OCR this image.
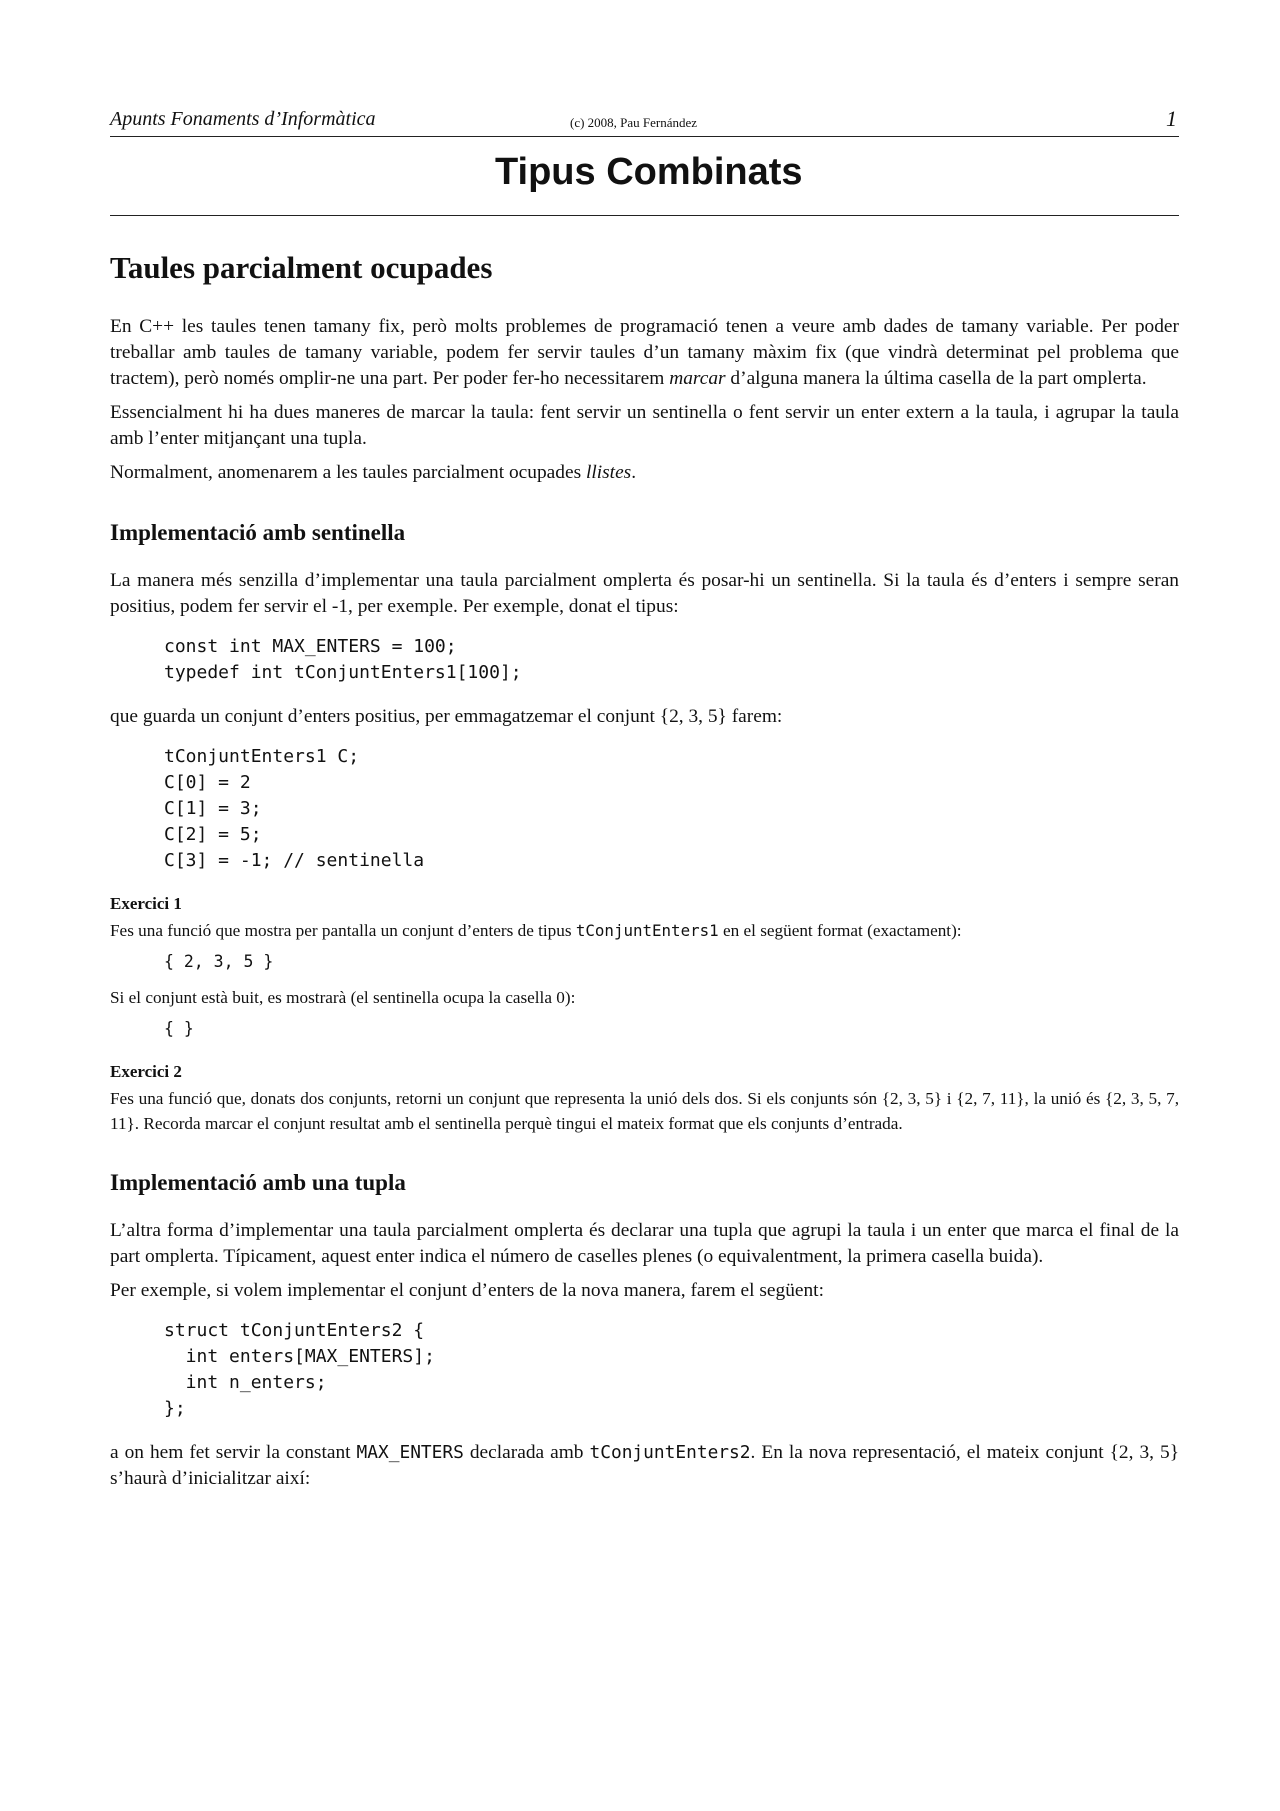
Apunts Fonaments d’Informàtica	(c) 2008, Pau Fernández	1
Tipus Combinats
Taules parcialment ocupades

En C++ les taules tenen tamany fix, però molts problemes de programació tenen a veure amb dades de tamany variable. Per poder treballar amb taules de tamany variable, podem fer servir taules d’un tamany màxim fix (que vindrà determinat pel problema que tractem), però només omplir-ne una part. Per poder fer-ho necessitarem marcar d’alguna manera la última casella de la part omplerta.

Essencialment hi ha dues maneres de marcar la taula: fent servir un sentinella o fent servir un enter extern a la taula, i agrupar la taula amb l’enter mitjançant una tupla.

Normalment, anomenarem a les taules parcialment ocupades llistes.

Implementació amb sentinella

La manera més senzilla d’implementar una taula parcialment omplerta és posar-hi un sentinella. Si la taula és d’enters i sempre seran positius, podem fer servir el -1, per exemple. Per exemple, donat el tipus:

const int MAX_ENTERS = 100;
typedef int tConjuntEnters1[100];

que guarda un conjunt d’enters positius, per emmagatzemar el conjunt {2, 3, 5} farem:

tConjuntEnters1 C;
C[0] = 2
C[1] = 3;
C[2] = 5;
C[3] = -1; // sentinella
Exercici 1

Fes una funció que mostra per pantalla un conjunt d’enters de tipus tConjuntEnters1 en el següent format (exactament):

{ 2, 3, 5 }

Si el conjunt està buit, es mostrarà (el sentinella ocupa la casella 0):

{ }
Exercici 2

Fes una funció que, donats dos conjunts, retorni un conjunt que representa la unió dels dos. Si els conjunts són {2, 3, 5} i {2, 7, 11}, la unió és {2, 3, 5, 7, 11}. Recorda marcar el conjunt resultat amb el sentinella perquè tingui el mateix format que els conjunts d’entrada.

Implementació amb una tupla

L’altra forma d’implementar una taula parcialment omplerta és declarar una tupla que agrupi la taula i un enter que marca el final de la part omplerta. Típicament, aquest enter indica el número de caselles plenes (o equivalentment, la primera casella buida).

Per exemple, si volem implementar el conjunt d’enters de la nova manera, farem el següent:

struct tConjuntEnters2 {
int enters[MAX_ENTERS];
int n_enters;
};

a on hem fet servir la constant MAX_ENTERS declarada amb tConjuntEnters2. En la nova representació, el mateix conjunt {2, 3, 5} s’haurà d’inicialitzar així:
